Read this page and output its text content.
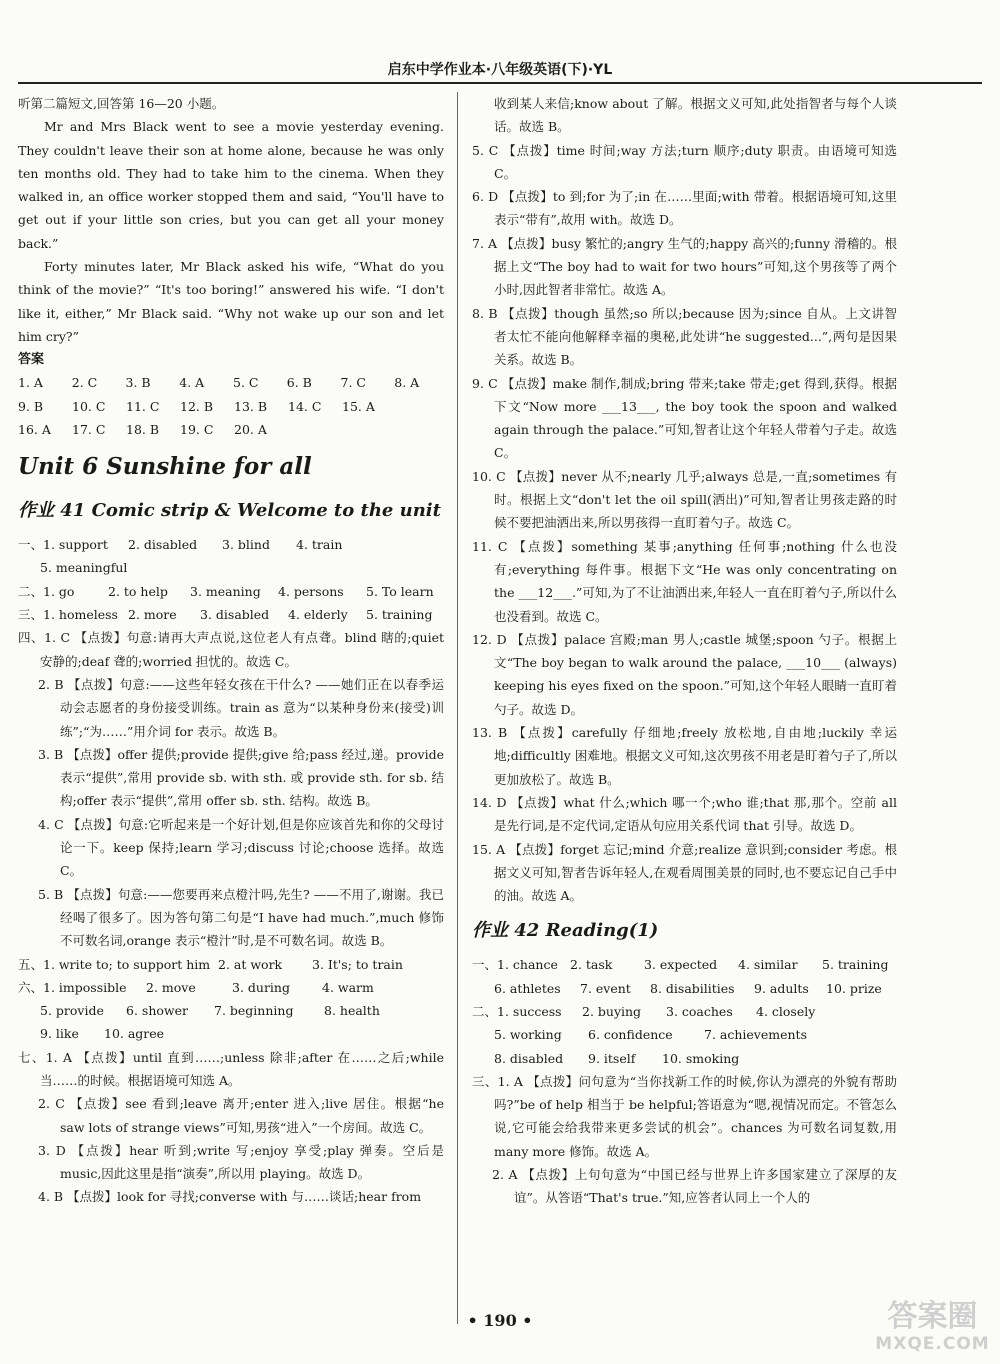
启东中学作业本·八年级英语(下)·YL

听第二篇短文,回答第 16—20 小题。

Mr and Mrs Black went to see a movie yesterday evening. They couldn't leave their son at home alone, because he was only ten months old. They had to take him to the cinema. When they walked in, an office worker stopped them and said, “You'll have to get out if your little son cries, but you can get all your money back.”

Forty minutes later, Mr Black asked his wife, “What do you think of the movie?” “It's too boring!” answered his wife. “I don't like it, either,” Mr Black said. “Why not wake up our son and let him cry?”

答案
1. A	2. C	3. B	4. A	5. C	6. B	7. C	8. A
9. B	10. C	11. C	12. B	13. B	14. C	15. A
16. A	17. C	18. B	19. C	20. A
Unit 6 Sunshine for all
作业 41 Comic strip & Welcome to the unit
一、1. support	2. disabled	3. blind	4. train
5. meaningful
二、1. go	2. to help	3. meaning	4. persons	5. To learn
三、1. homeless 2. more	3. disabled	4. elderly	5. training

四、1. C 【点拨】句意:请再大声点说,这位老人有点聋。blind 瞎的;quiet 安静的;deaf 聋的;worried 担忧的。故选 C。

2. B 【点拨】句意:——这些年轻女孩在干什么? ——她们正在以春季运动会志愿者的身份接受训练。train as 意为“以某种身份来(接受)训练”;“为……”用介词 for 表示。故选 B。

3. B 【点拨】offer 提供;provide 提供;give 给;pass 经过,递。provide 表示“提供”,常用 provide sb. with sth. 或 provide sth. for sb. 结构;offer 表示“提供”,常用 offer sb. sth. 结构。故选 B。

4. C 【点拨】句意:它听起来是一个好计划,但是你应该首先和你的父母讨论一下。keep 保持;learn 学习;discuss 讨论;choose 选择。故选 C。

5. B 【点拨】句意:——您要再来点橙汁吗,先生? ——不用了,谢谢。我已经喝了很多了。因为答句第二句是“I have had much.”,much 修饰不可数名词,orange 表示“橙汁”时,是不可数名词。故选 B。

五、1. write to; to support him 2. at work	3. It's; to train
六、1. impossible	2. move	3. during	4. warm
5. provide	6. shower	7. beginning	8. health
9. like	10. agree

七、1. A 【点拨】until 直到……;unless 除非;after 在……之后;while 当……的时候。根据语境可知选 A。

2. C 【点拨】see 看到;leave 离开;enter 进入;live 居住。根据“he saw lots of strange views”可知,男孩“进入”一个房间。故选 C。

3. D 【点拨】hear 听到;write 写;enjoy 享受;play 弹奏。空后是 music,因此这里是指“演奏”,所以用 playing。故选 D。

4. B 【点拨】look for 寻找;converse with 与……谈话;hear from

收到某人来信;know about 了解。根据文义可知,此处指智者与每个人谈话。故选 B。

5. C 【点拨】time 时间;way 方法;turn 顺序;duty 职责。由语境可知选 C。

6. D 【点拨】to 到;for 为了;in 在……里面;with 带着。根据语境可知,这里表示“带有”,故用 with。故选 D。

7. A 【点拨】busy 繁忙的;angry 生气的;happy 高兴的;funny 滑稽的。根据上文“The boy had to wait for two hours”可知,这个男孩等了两个小时,因此智者非常忙。故选 A。

8. B 【点拨】though 虽然;so 所以;because 因为;since 自从。上文讲智者太忙不能向他解释幸福的奥秘,此处讲“he suggested...”,两句是因果关系。故选 B。

9. C 【点拨】make 制作,制成;bring 带来;take 带走;get 得到,获得。根据下文“Now more ___13___, the boy took the spoon and walked again through the palace.”可知,智者让这个年轻人带着勺子走。故选 C。

10. C 【点拨】never 从不;nearly 几乎;always 总是,一直;sometimes 有时。根据上文“don't let the oil spill(洒出)”可知,智者让男孩走路的时候不要把油洒出来,所以男孩得一直盯着勺子。故选 C。

11. C 【点拨】something 某事;anything 任何事;nothing 什么也没有;everything 每件事。根据下文“He was only concentrating on the ___12___.”可知,为了不让油洒出来,年轻人一直在盯着勺子,所以什么也没看到。故选 C。

12. D 【点拨】palace 宫殿;man 男人;castle 城堡;spoon 勺子。根据上文“The boy began to walk around the palace, ___10___ (always) keeping his eyes fixed on the spoon.”可知,这个年轻人眼睛一直盯着勺子。故选 D。

13. B 【点拨】carefully 仔细地;freely 放松地,自由地;luckily 幸运地;difficultly 困难地。根据文义可知,这次男孩不用老是盯着勺子了,所以更加放松了。故选 B。

14. D 【点拨】what 什么;which 哪一个;who 谁;that 那,那个。空前 all 是先行词,是不定代词,定语从句应用关系代词 that 引导。故选 D。

15. A 【点拨】forget 忘记;mind 介意;realize 意识到;consider 考虑。根据文义可知,智者告诉年轻人,在观看周围美景的同时,也不要忘记自己手中的油。故选 A。

作业 42 Reading(1)
一、1. chance 2. task	3. expected	4. similar	5. training
6. athletes	7. event	8. disabilities	9. adults	10. prize
二、1. success	2. buying	3. coaches	4. closely
5. working	6. confidence	7. achievements
8. disabled	9. itself	10. smoking

三、1. A 【点拨】问句意为“当你找新工作的时候,你认为漂亮的外貌有帮助吗?”be of help 相当于 be helpful;答语意为“嗯,视情况而定。不管怎么说,它可能会给我带来更多尝试的机会”。chances 为可数名词复数,用 many more 修饰。故选 A。

2. A 【点拨】上句句意为“中国已经与世界上许多国家建立了深厚的友谊”。从答语“That's true.”知,应答者认同上一个人的

• 190 •	答案圈
MXQE.COM
